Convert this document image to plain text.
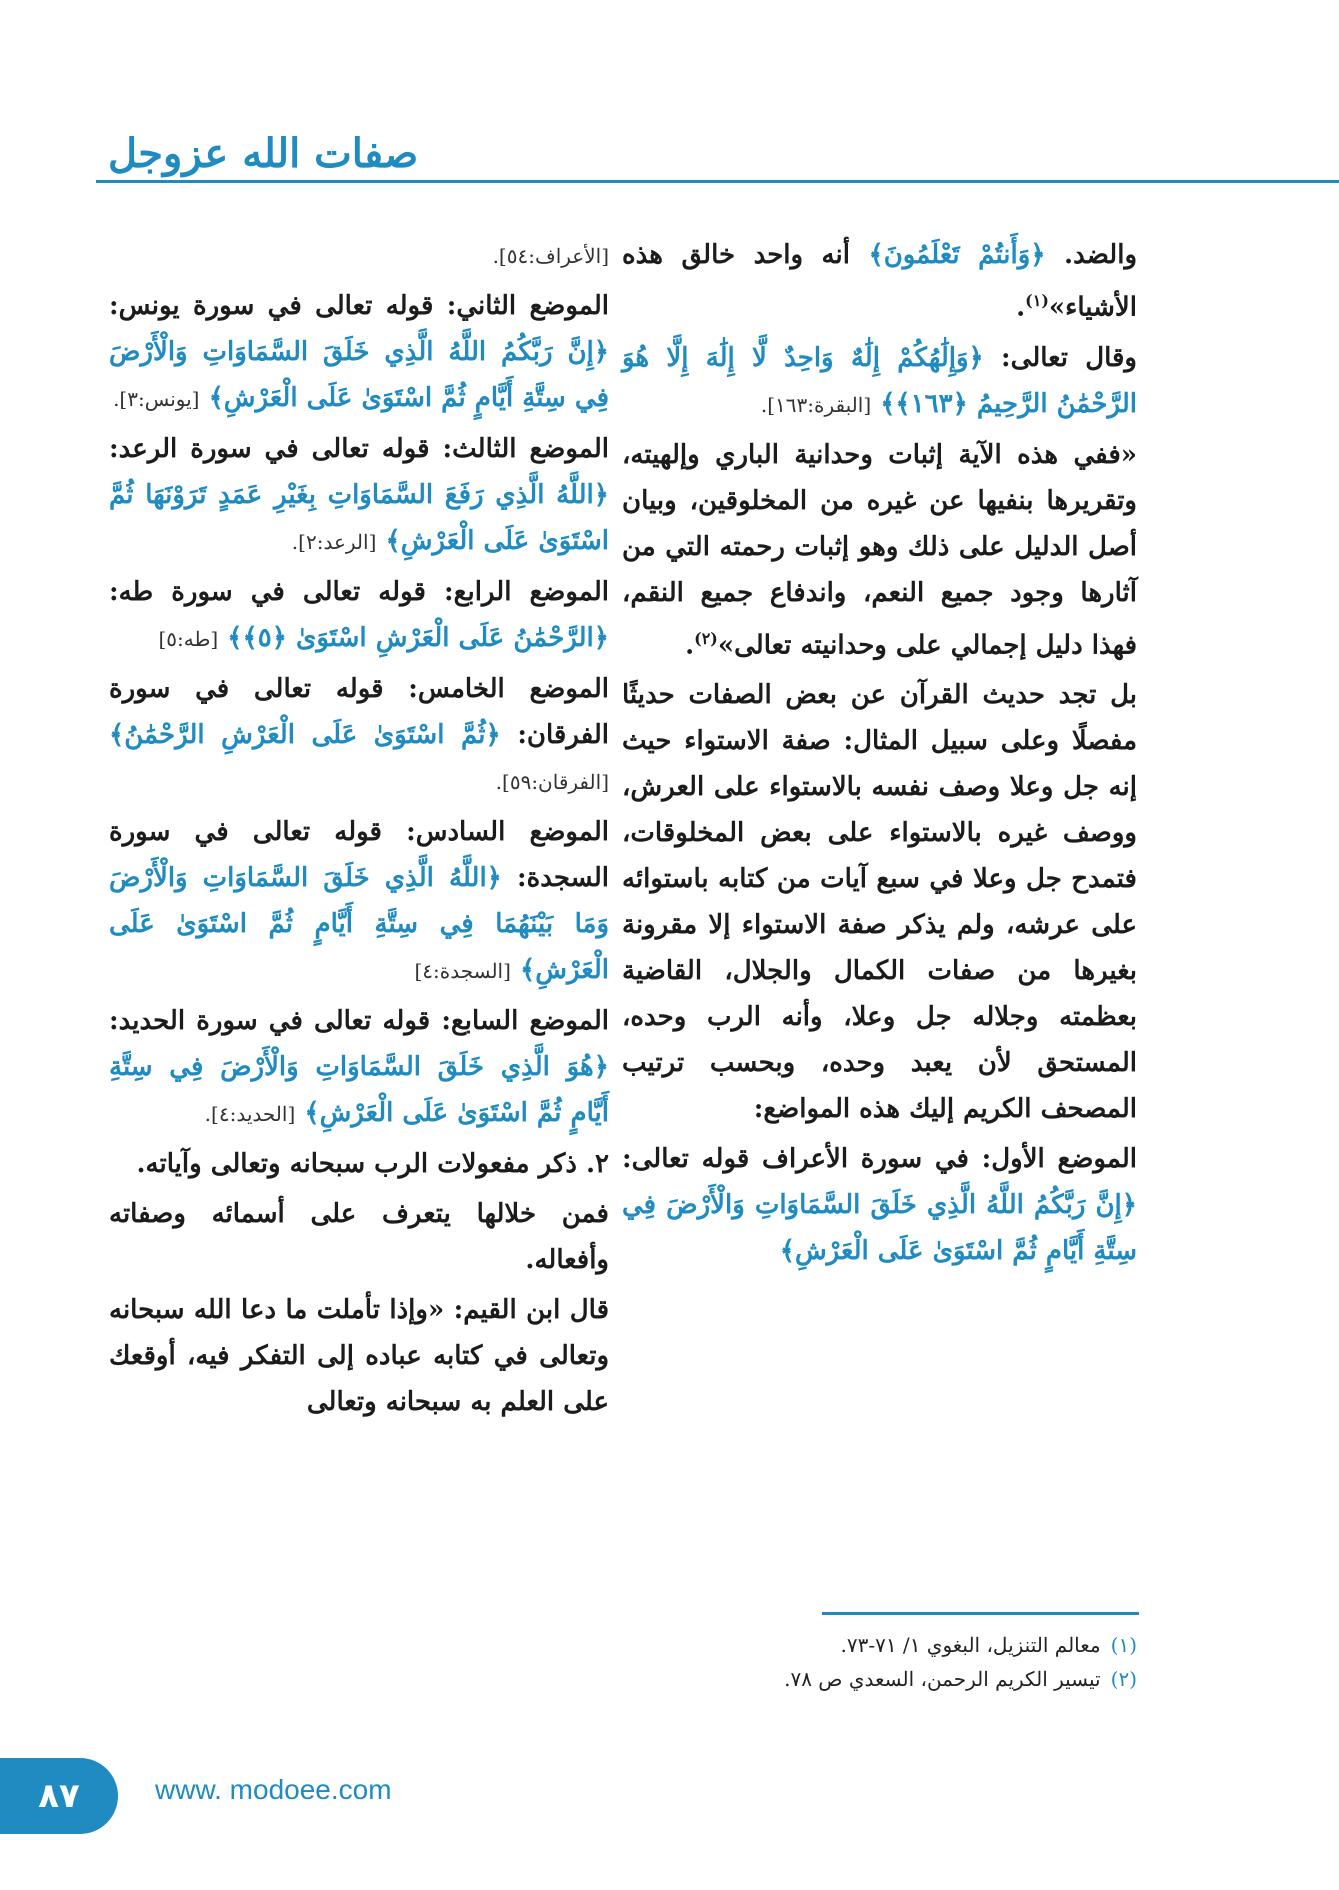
صفات الله عزوجل

والضد. ﴿وَأَنتُمْ تَعْلَمُونَ﴾ أنه واحد خالق هذه الأشياء»$^{(١)}$.

وقال تعالى: ﴿وَإِلَٰهُكُمْ إِلَٰهٌ وَاحِدٌ لَّا إِلَٰهَ إِلَّا هُوَ الرَّحْمَٰنُ الرَّحِيمُ ﴿١٦٣﴾﴾ [البقرة:١٦٣].

«ففي هذه الآية إثبات وحدانية الباري وإلهيته، وتقريرها بنفيها عن غيره من المخلوقين، وبيان أصل الدليل على ذلك وهو إثبات رحمته التي من آثارها وجود جميع النعم، واندفاع جميع النقم، فهذا دليل إجمالي على وحدانيته تعالى»$^{(٢)}$.

بل تجد حديث القرآن عن بعض الصفات حديثًا مفصلًا وعلى سبيل المثال: صفة الاستواء حيث إنه جل وعلا وصف نفسه بالاستواء على العرش، ووصف غيره بالاستواء على بعض المخلوقات، فتمدح جل وعلا في سبع آيات من كتابه باستوائه على عرشه، ولم يذكر صفة الاستواء إلا مقرونة بغيرها من صفات الكمال والجلال، القاضية بعظمته وجلاله جل وعلا، وأنه الرب وحده، المستحق لأن يعبد وحده، وبحسب ترتيب المصحف الكريم إليك هذه المواضع:

الموضع الأول: في سورة الأعراف قوله تعالى: ﴿إِنَّ رَبَّكُمُ اللَّهُ الَّذِي خَلَقَ السَّمَاوَاتِ وَالْأَرْضَ فِي سِتَّةِ أَيَّامٍ ثُمَّ اسْتَوَىٰ عَلَى الْعَرْشِ﴾

[الأعراف:٥٤].

الموضع الثاني: قوله تعالى في سورة يونس: ﴿إِنَّ رَبَّكُمُ اللَّهُ الَّذِي خَلَقَ السَّمَاوَاتِ وَالْأَرْضَ فِي سِتَّةِ أَيَّامٍ ثُمَّ اسْتَوَىٰ عَلَى الْعَرْشِ﴾ [يونس:٣].

الموضع الثالث: قوله تعالى في سورة الرعد: ﴿اللَّهُ الَّذِي رَفَعَ السَّمَاوَاتِ بِغَيْرِ عَمَدٍ تَرَوْنَهَا ثُمَّ اسْتَوَىٰ عَلَى الْعَرْشِ﴾ [الرعد:٢].

الموضع الرابع: قوله تعالى في سورة طه: ﴿الرَّحْمَٰنُ عَلَى الْعَرْشِ اسْتَوَىٰ ﴿٥﴾﴾ [طه:٥]

الموضع الخامس: قوله تعالى في سورة الفرقان: ﴿ثُمَّ اسْتَوَىٰ عَلَى الْعَرْشِ الرَّحْمَٰنُ﴾ [الفرقان:٥٩].

الموضع السادس: قوله تعالى في سورة السجدة: ﴿اللَّهُ الَّذِي خَلَقَ السَّمَاوَاتِ وَالْأَرْضَ وَمَا بَيْنَهُمَا فِي سِتَّةِ أَيَّامٍ ثُمَّ اسْتَوَىٰ عَلَى الْعَرْشِ﴾ [السجدة:٤]

الموضع السابع: قوله تعالى في سورة الحديد: ﴿هُوَ الَّذِي خَلَقَ السَّمَاوَاتِ وَالْأَرْضَ فِي سِتَّةِ أَيَّامٍ ثُمَّ اسْتَوَىٰ عَلَى الْعَرْشِ﴾ [الحديد:٤].

٢. ذكر مفعولات الرب سبحانه وتعالى وآياته.

فمن خلالها يتعرف على أسمائه وصفاته وأفعاله.

قال ابن القيم: «وإذا تأملت ما دعا الله سبحانه وتعالى في كتابه عباده إلى التفكر فيه، أوقعك على العلم به سبحانه وتعالى

(١)معالم التنزيل، البغوي ١/ ٧١-٧٣.
(٢)تيسير الكريم الرحمن، السعدي ص ٧٨.
٨٧	www. modoee.com
